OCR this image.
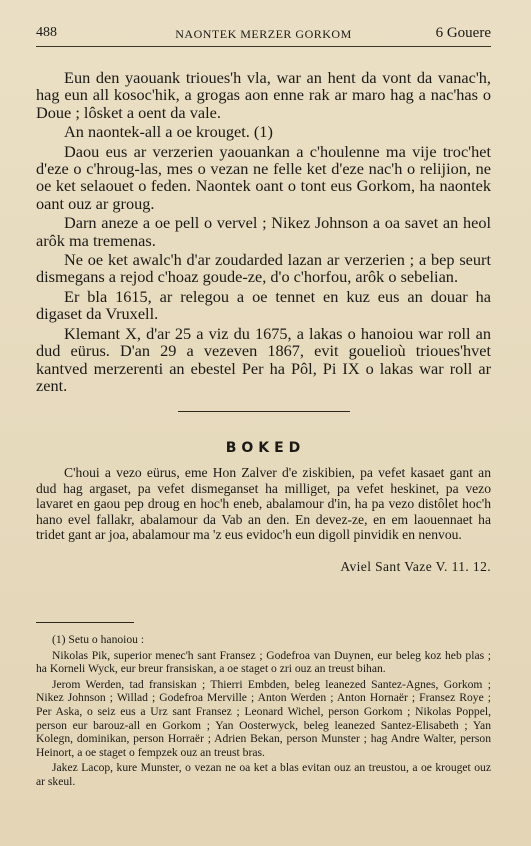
488	NAONTEK MERZER GORKOM	6 Gouere

Eun den yaouank trioues'h vla, war an hent da vont da vanac'h, hag eun all kosoc'hik, a grogas aon enne rak ar maro hag a nac'has o Doue ; lôsket a oent da vale.

An naontek-all a oe krouget. (1)

Daou eus ar verzerien yaouankan a c'houlenne ma vije troc'het d'eze o c'hroug-las, mes o vezan ne felle ket d'eze nac'h o relijion, ne oe ket selaouet o feden. Naontek oant o tont eus Gorkom, ha naontek oant ouz ar groug.

Darn aneze a oe pell o vervel ; Nikez Johnson a oa savet an heol arôk ma tremenas.

Ne oe ket awalc'h d'ar zoudarded lazan ar verzerien ; a bep seurt dismegans a rejod c'hoaz goude-ze, d'o c'horfou, arôk o sebelian.

Er bla 1615, ar relegou a oe tennet en kuz eus an douar ha digaset da Vruxell.

Klemant X, d'ar 25 a viz du 1675, a lakas o hanoiou war roll an dud eürus. D'an 29 a vezeven 1867, evit gouelioù trioues'hvet kantved merzerenti an ebestel Per ha Pôl, Pi IX o lakas war roll ar zent.

BOKED

C'houi a vezo eürus, eme Hon Zalver d'e ziskibien, pa vefet kasaet gant an dud hag argaset, pa vefet dismeganset ha milliget, pa vefet heskinet, pa vezo lavaret en gaou pep droug en hoc'h eneb, abalamour d'in, ha pa vezo distôlet hoc'h hano evel fallakr, abalamour da Vab an den. En devez-ze, en em laouennaet ha tridet gant ar joa, abalamour ma 'z eus evidoc'h eun digoll pinvidik en nenvou.

Aviel Sant Vaze V. 11. 12.

(1) Setu o hanoiou :

Nikolas Pik, superior menec'h sant Fransez ; Godefroa van Duynen, eur beleg koz heb plas ; ha Korneli Wyck, eur breur fransiskan, a oe staget o zri ouz an treust bihan.

Jerom Werden, tad fransiskan ; Thierri Embden, beleg leanezed Santez-Agnes, Gorkom ; Nikez Johnson ; Willad ; Godefroa Merville ; Anton Werden ; Anton Hornaër ; Fransez Roye ; Per Aska, o seiz eus a Urz sant Fransez ; Leonard Wichel, person Gorkom ; Nikolas Poppel, person eur barouz-all en Gorkom ; Yan Oosterwyck, beleg leanezed Santez-Elisabeth ; Yan Kolegn, dominikan, person Horraër ; Adrien Bekan, person Munster ; hag Andre Walter, person Heinort, a oe staget o fempzek ouz an treust bras.

Jakez Lacop, kure Munster, o vezan ne oa ket a blas evitan ouz an treustou, a oe krouget ouz ar skeul.
